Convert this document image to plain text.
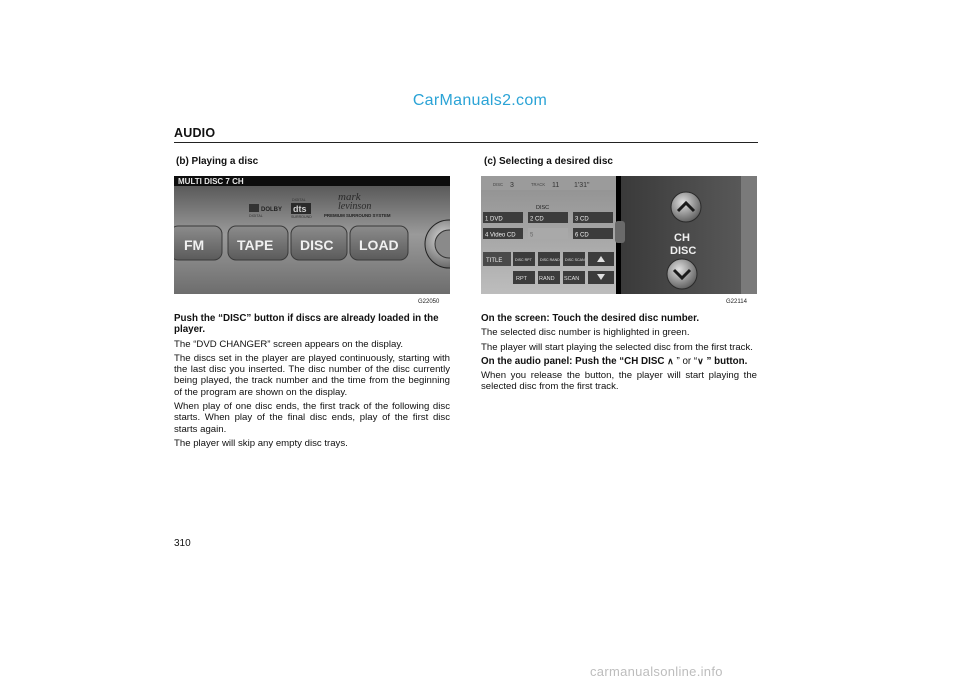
CarManuals2.com
AUDIO
(b) Playing a disc
MULTI DISC 7 CH
DOLBY
DIGITAL
DIGITAL
dts
SURROUND
mark
levinson
PREMIUM SURROUND SYSTEM
FM TAPE DISC LOAD
G22050

Push the “DISC” button if discs are already loaded in the player.

The “DVD CHANGER” screen appears on the display.

The discs set in the player are played continuously, starting with the last disc you inserted. The disc number of the disc currently being played, the track number and the time from the beginning of the program are shown on the display.

When play of one disc ends, the first track of the following disc starts. When play of the final disc ends, play of the first disc starts again.

The player will skip any empty disc trays.

(c) Selecting a desired disc
DISC 3	TRACK 11 1'31"
DISC
1 DVD	2 CD	3 CD
4 Video CD 5	6 CD
TITLE	DISC RPT DISC RAND DISC SCAN
RPT RAND SCAN
CH
DISC
G22114

On the screen: Touch the desired disc number.

The selected disc number is highlighted in green.

The player will start playing the selected disc from the first track.

On the audio panel: Push the “CH DISC ∧ ” or “∨ ” button.

When you release the button, the player will start playing the selected disc from the first track.

310
carmanualsonline.info
